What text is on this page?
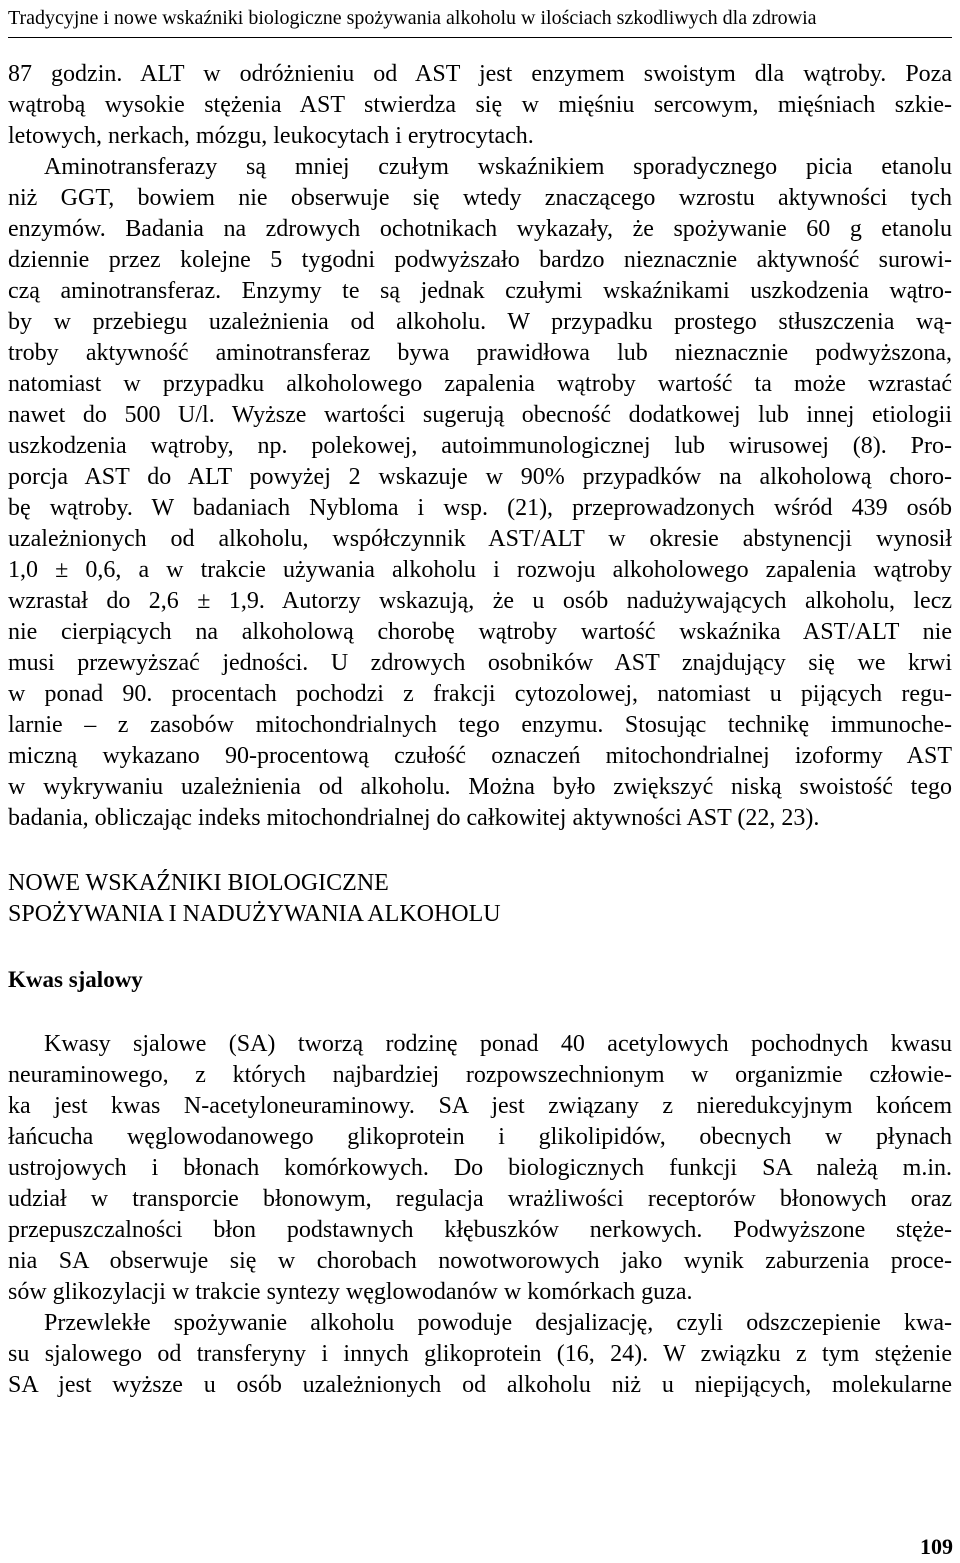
Tradycyjne i nowe wskaźniki biologiczne spożywania alkoholu w ilościach szkodliwych dla zdrowia

87 godzin. ALT w odróżnieniu od AST jest enzymem swoistym dla wątroby. Poza
wątrobą wysokie stężenia AST stwierdza się w mięśniu sercowym, mięśniach szkie-
letowych, nerkach, mózgu, leukocytach i erytrocytach.

Aminotransferazy są mniej czułym wskaźnikiem sporadycznego picia etanolu
niż GGT, bowiem nie obserwuje się wtedy znaczącego wzrostu aktywności tych
enzymów. Badania na zdrowych ochotnikach wykazały, że spożywanie 60 g etanolu
dziennie przez kolejne 5 tygodni podwyższało bardzo nieznacznie aktywność surowi-
czą aminotransferaz. Enzymy te są jednak czułymi wskaźnikami uszkodzenia wątro-
by w przebiegu uzależnienia od alkoholu. W przypadku prostego stłuszczenia wą-
troby aktywność aminotransferaz bywa prawidłowa lub nieznacznie podwyższona,
natomiast w przypadku alkoholowego zapalenia wątroby wartość ta może wzrastać
nawet do 500 U/l. Wyższe wartości sugerują obecność dodatkowej lub innej etiologii
uszkodzenia wątroby, np. polekowej, autoimmunologicznej lub wirusowej (8). Pro-
porcja AST do ALT powyżej 2 wskazuje w 90% przypadków na alkoholową choro-
bę wątroby. W badaniach Nybloma i wsp. (21), przeprowadzonych wśród 439 osób
uzależnionych od alkoholu, współczynnik AST/ALT w okresie abstynencji wynosił
1,0 ± 0,6, a w trakcie używania alkoholu i rozwoju alkoholowego zapalenia wątroby
wzrastał do 2,6 ± 1,9. Autorzy wskazują, że u osób nadużywających alkoholu, lecz
nie cierpiących na alkoholową chorobę wątroby wartość wskaźnika AST/ALT nie
musi przewyższać jedności. U zdrowych osobników AST znajdujący się we krwi
w ponad 90. procentach pochodzi z frakcji cytozolowej, natomiast u pijących regu-
larnie – z zasobów mitochondrialnych tego enzymu. Stosując technikę immunoche-
miczną wykazano 90-procentową czułość oznaczeń mitochondrialnej izoformy AST
w wykrywaniu uzależnienia od alkoholu. Można było zwiększyć niską swoistość tego
badania, obliczając indeks mitochondrialnej do całkowitej aktywności AST (22, 23).

NOWE WSKAŹNIKI BIOLOGICZNE
SPOŻYWANIA I NADUŻYWANIA ALKOHOLU
Kwas sjalowy

Kwasy sjalowe (SA) tworzą rodzinę ponad 40 acetylowych pochodnych kwasu
neuraminowego, z których najbardziej rozpowszechnionym w organizmie człowie-
ka jest kwas N-acetyloneuraminowy. SA jest związany z nieredukcyjnym końcem
łańcucha węglowodanowego glikoprotein i glikolipidów, obecnych w płynach
ustrojowych i błonach komórkowych. Do biologicznych funkcji SA należą m.in.
udział w transporcie błonowym, regulacja wrażliwości receptorów błonowych oraz
przepuszczalności błon podstawnych kłębuszków nerkowych. Podwyższone stęże-
nia SA obserwuje się w chorobach nowotworowych jako wynik zaburzenia proce-
sów glikozylacji w trakcie syntezy węglowodanów w komórkach guza.

Przewlekłe spożywanie alkoholu powoduje desjalizację, czyli odszczepienie kwa-
su sjalowego od transferyny i innych glikoprotein (16, 24). W związku z tym stężenie
SA jest wyższe u osób uzależnionych od alkoholu niż u niepijących, molekularne

109
